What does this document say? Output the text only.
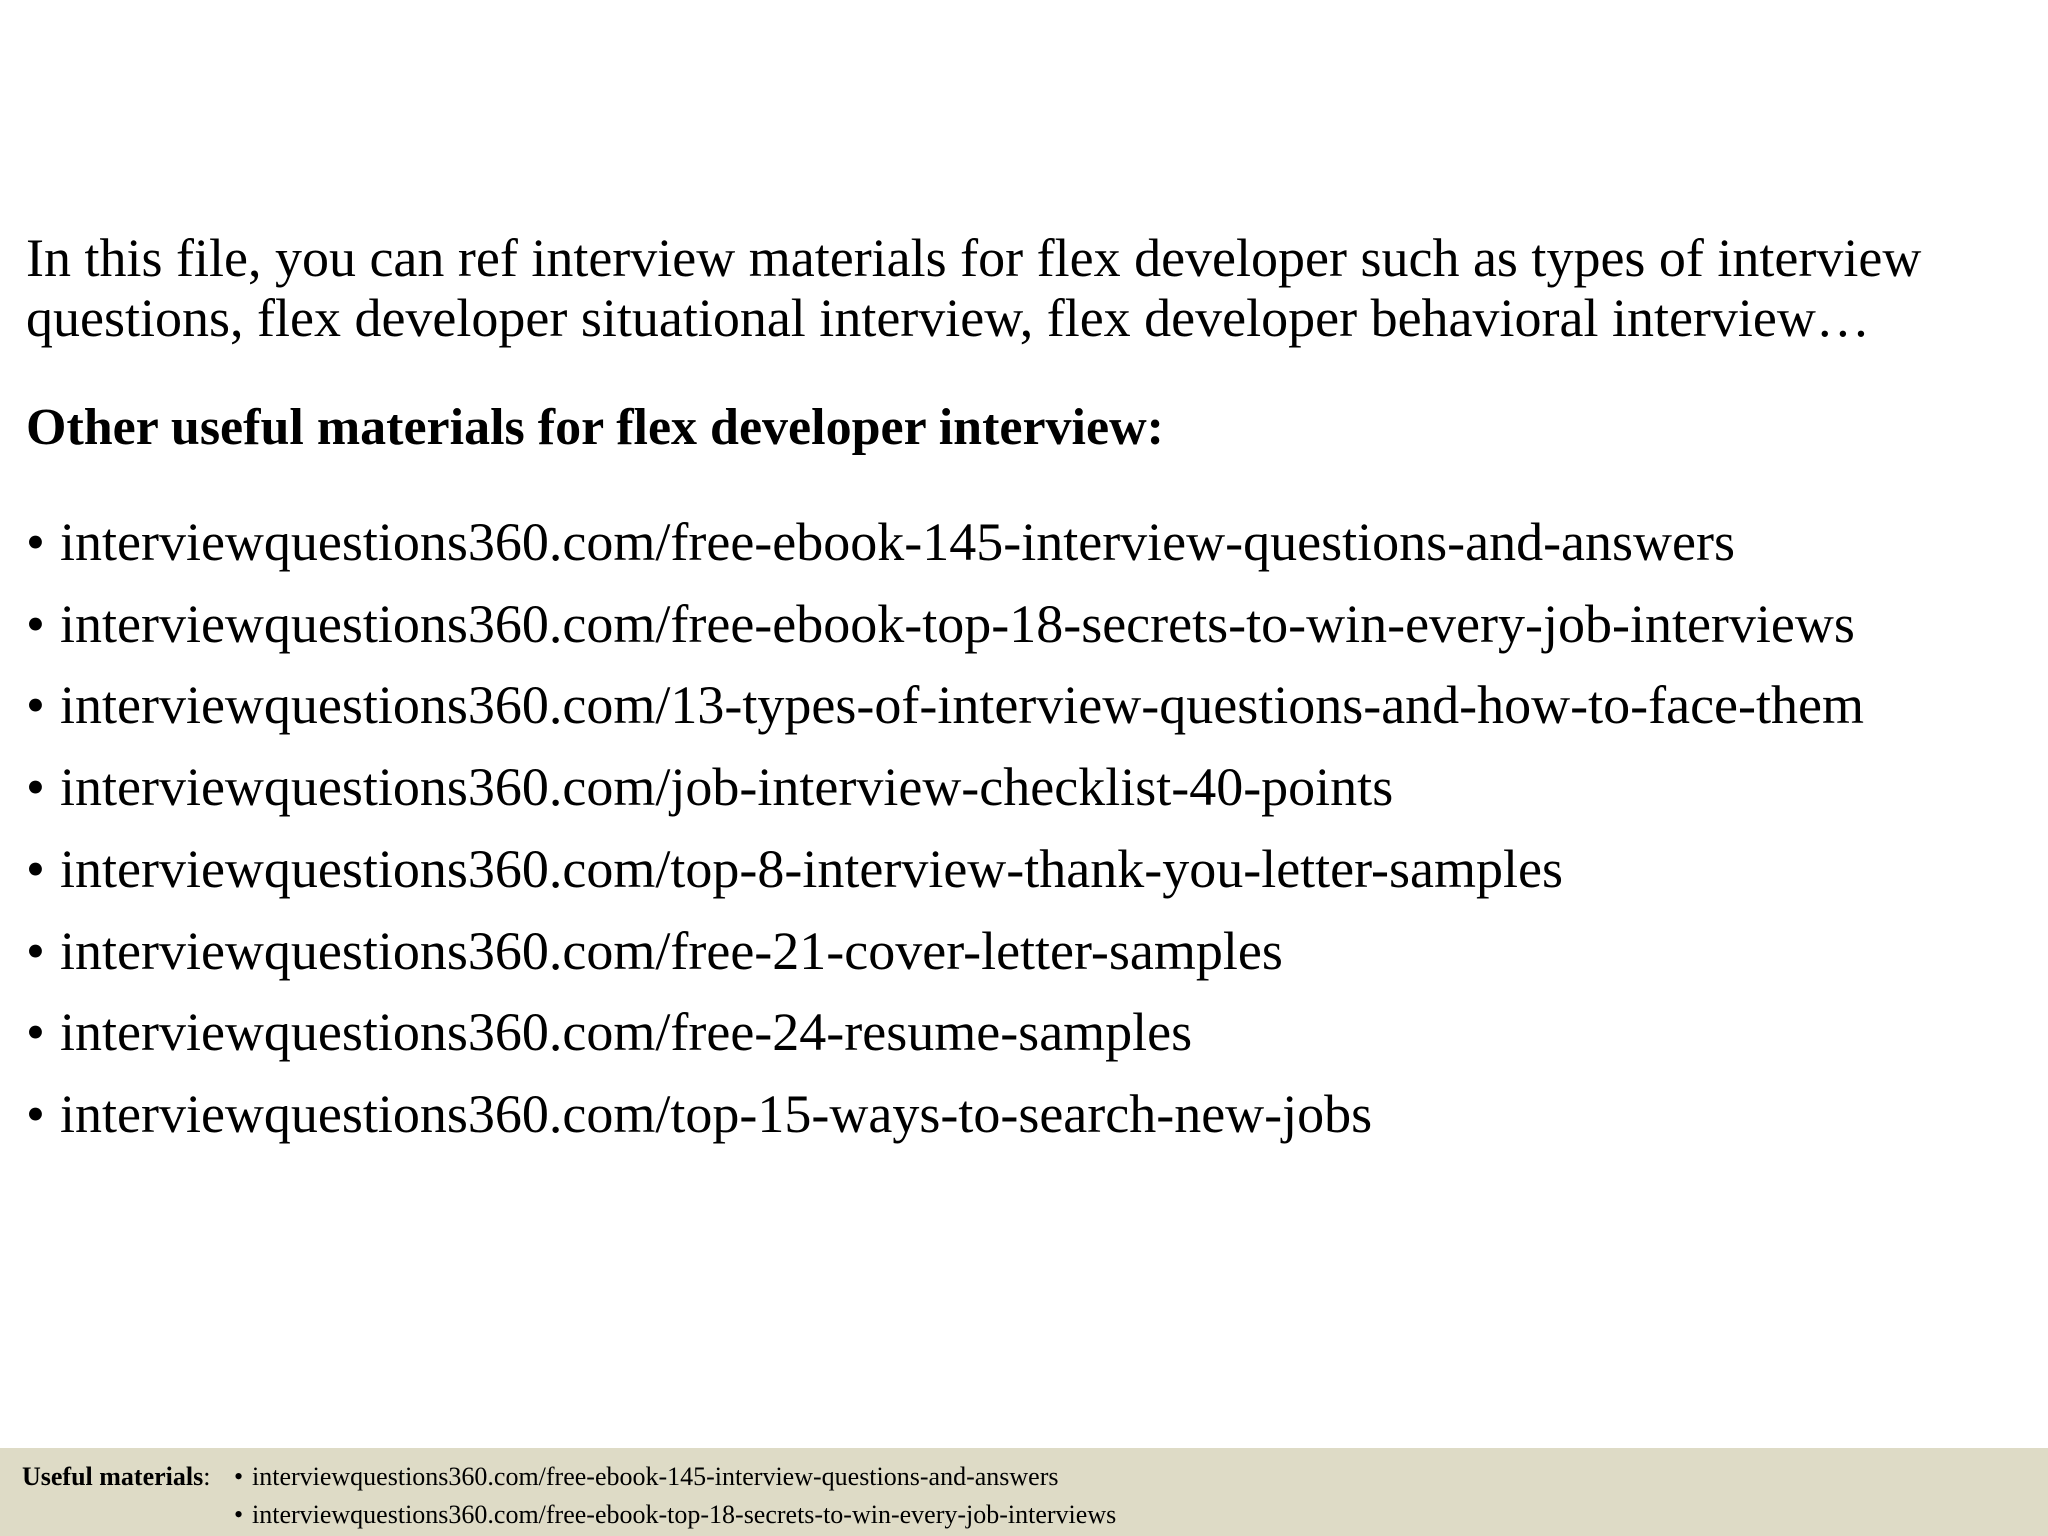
In this file, you can ref interview materials for flex developer such as types of interview questions, flex developer situational interview, flex developer behavioral interview…

Other useful materials for flex developer interview:

• interviewquestions360.com/free-ebook-145-interview-questions-and-answers
• interviewquestions360.com/free-ebook-top-18-secrets-to-win-every-job-interviews
• interviewquestions360.com/13-types-of-interview-questions-and-how-to-face-them
• interviewquestions360.com/job-interview-checklist-40-points
• interviewquestions360.com/top-8-interview-thank-you-letter-samples
• interviewquestions360.com/free-21-cover-letter-samples
• interviewquestions360.com/free-24-resume-samples
• interviewquestions360.com/top-15-ways-to-search-new-jobs
Useful materials: • interviewquestions360.com/free-ebook-145-interview-questions-and-answers
• interviewquestions360.com/free-ebook-top-18-secrets-to-win-every-job-interviews
